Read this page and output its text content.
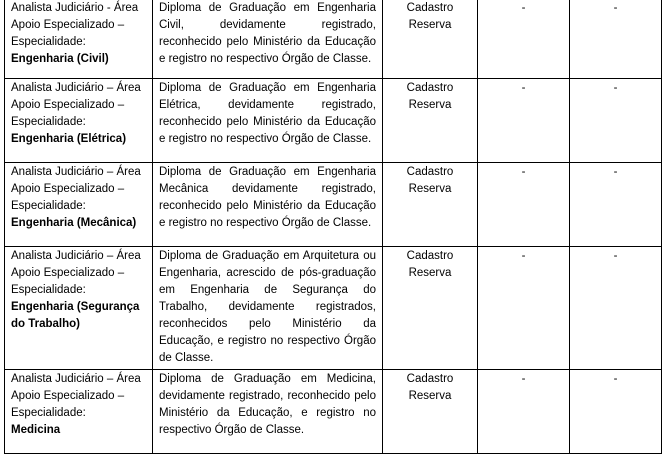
Analista Judiciário - Área Apoio Especializado – Especialidade:
Engenharia (Civil)	Diploma de Graduação em Engenharia Civil, devidamente registrado, reconhecido pelo Ministério da Educação e registro no respectivo Órgão de Classe.	Cadastro Reserva	-	-

Analista Judiciário – Área Apoio Especializado – Especialidade:
Engenharia (Elétrica)	Diploma de Graduação em Engenharia Elétrica, devidamente registrado, reconhecido pelo Ministério da Educação e registro no respectivo Órgão de Classe.	Cadastro Reserva	-	-

Analista Judiciário – Área Apoio Especializado – Especialidade:
Engenharia (Mecânica)	Diploma de Graduação em Engenharia Mecânica devidamente registrado, reconhecido pelo Ministério da Educação e registro no respectivo Órgão de Classe.	Cadastro Reserva	-	-

Analista Judiciário – Área Apoio Especializado – Especialidade:
Engenharia (Segurança do Trabalho)	Diploma de Graduação em Arquitetura ou Engenharia, acrescido de pós-graduação em Engenharia de Segurança do Trabalho, devidamente registrados, reconhecidos pelo Ministério da Educação, e registro no respectivo Órgão de Classe.	Cadastro Reserva	-	-

Analista Judiciário – Área Apoio Especializado – Especialidade:
Medicina	Diploma de Graduação em Medicina, devidamente registrado, reconhecido pelo Ministério da Educação, e registro no respectivo Órgão de Classe.	Cadastro Reserva	-	-
